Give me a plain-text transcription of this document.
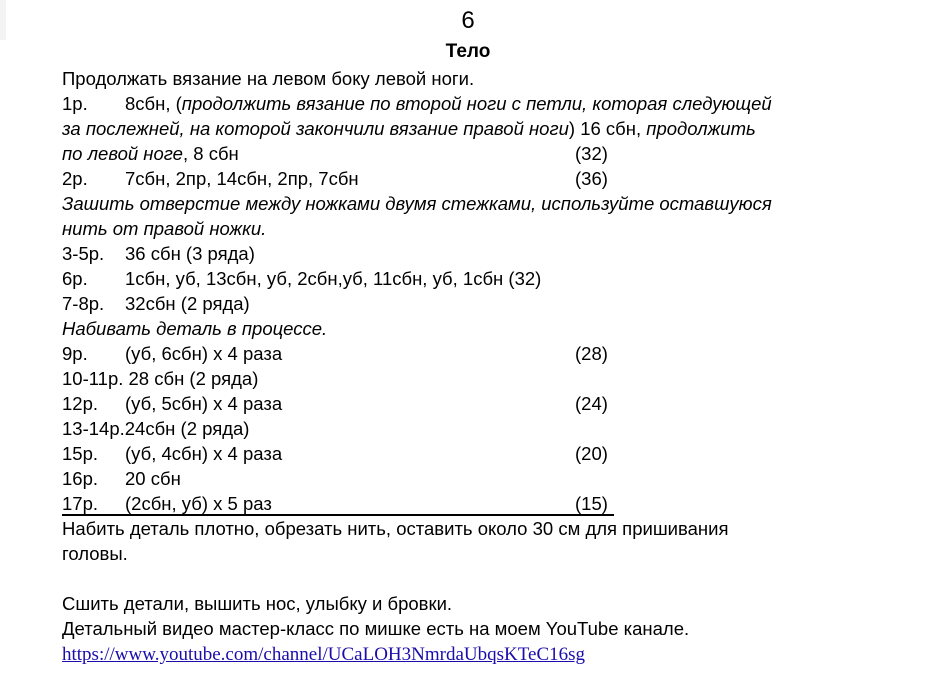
6
Тело
Продолжать вязание на левом боку левой ноги.
1р. 8сбн, (продолжить вязание по второй ноги с петли, которая следующей
за послежней, на которой закончили вязание правой ноги) 16 сбн, продолжить
по левой ноге, 8 сбн	(32)
2р. 7сбн, 2пр, 14сбн, 2пр, 7сбн	(36)
Зашить отверстие между ножками двумя стежками, используйте оставшуюся
нить от правой ножки.
3-5р. 36 сбн (3 ряда)
6р. 1сбн, уб, 13сбн, уб, 2сбн,уб, 11сбн, уб, 1сбн (32)
7-8р. 32сбн (2 ряда)
Набивать деталь в процессе.
9р. (уб, 6сбн) х 4 раза	(28)
10-11р. 28 сбн (2 ряда)
12р. (уб, 5сбн) х 4 раза	(24)
13-14р.24сбн (2 ряда)
15р. (уб, 4сбн) х 4 раза	(20)
16р. 20 сбн
17р. (2сбн, уб) х 5 раз	(15)
Набить деталь плотно, обрезать нить, оставить около 30 см для пришивания
головы.
Сшить детали, вышить нос, улыбку и бровки.
Детальный видео мастер-класс по мишке есть на моем YouTube канале.
https://www.youtube.com/channel/UCaLOH3NmrdaUbqsKTeC16sg
